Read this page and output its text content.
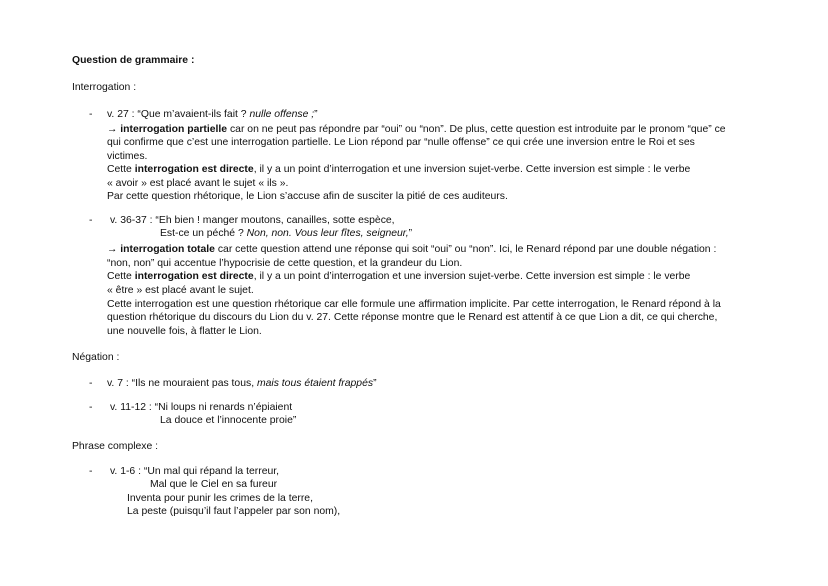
Question de grammaire :
Interrogation :
- v. 27 : “Que m’avaient-ils fait ? nulle offense ;”
→ interrogation partielle car on ne peut pas répondre par “oui” ou “non”. De plus, cette question est introduite par le pronom “que” ce
qui confirme que c’est une interrogation partielle. Le Lion répond par “nulle offense” ce qui crée une inversion entre le Roi et ses
victimes.
Cette interrogation est directe, il y a un point d’interrogation et une inversion sujet-verbe. Cette inversion est simple : le verbe
« avoir » est placé avant le sujet « ils ».
Par cette question rhétorique, le Lion s’accuse afin de susciter la pitié de ces auditeurs.
- v. 36-37 : “Eh bien ! manger moutons, canailles, sotte espèce,
Est-ce un péché ? Non, non. Vous leur fîtes, seigneur,”
→ interrogation totale car cette question attend une réponse qui soit “oui” ou “non”. Ici, le Renard répond par une double négation :
“non, non” qui accentue l’hypocrisie de cette question, et la grandeur du Lion.
Cette interrogation est directe, il y a un point d’interrogation et une inversion sujet-verbe. Cette inversion est simple : le verbe
« être » est placé avant le sujet.
Cette interrogation est une question rhétorique car elle formule une affirmation implicite. Par cette interrogation, le Renard répond à la
question rhétorique du discours du Lion du v. 27. Cette réponse montre que le Renard est attentif à ce que Lion a dit, ce qui cherche,
une nouvelle fois, à flatter le Lion.
Négation :
- v. 7 : “Ils ne mouraient pas tous, mais tous étaient frappés”
- v. 11-12 : “Ni loups ni renards n’épiaient
La douce et l’innocente proie”
Phrase complexe :
- v. 1-6 : “Un mal qui répand la terreur,
Mal que le Ciel en sa fureur
Inventa pour punir les crimes de la terre,
La peste (puisqu’il faut l’appeler par son nom),
